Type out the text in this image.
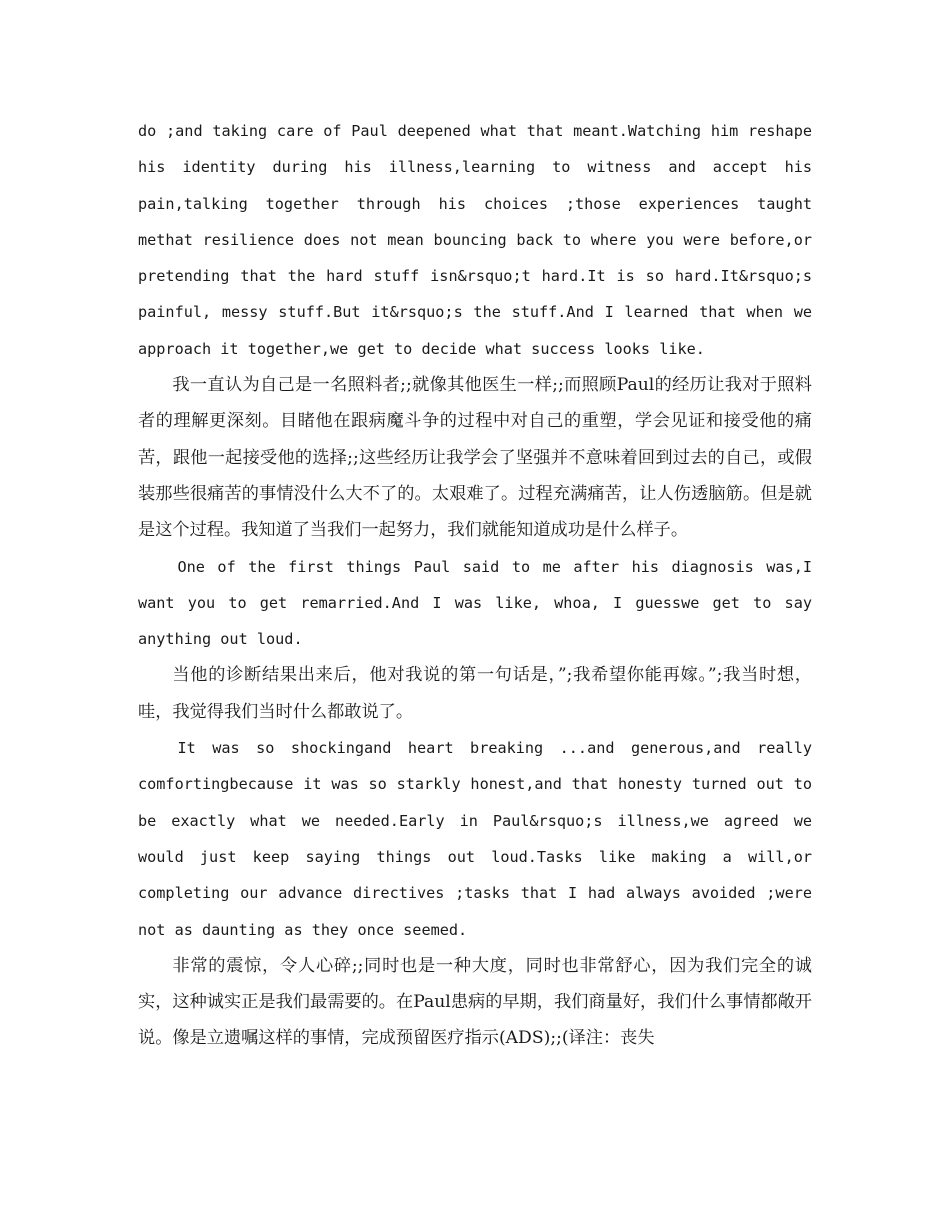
do ;and taking care of Paul deepened what that meant.Watching him reshape his identity during his illness,learning to witness and accept his pain,talking together through his choices ;those experiences taught methat resilience does not mean bouncing back to where you were before,or pretending that the hard stuff isn&rsquo;t hard.It is so hard.It&rsquo;s painful, messy stuff.But it&rsquo;s the stuff.And I learned that when we approach it together,we get to decide what success looks like.

我一直认为自己是一名照料者;;就像其他医生一样;;而照顾Paul的经历让我对于照料者的理解更深刻。目睹他在跟病魔斗争的过程中对自己的重塑，学会见证和接受他的痛苦，跟他一起接受他的选择;;这些经历让我学会了坚强并不意味着回到过去的自己，或假装那些很痛苦的事情没什么大不了的。太艰难了。过程充满痛苦，让人伤透脑筋。但是就是这个过程。我知道了当我们一起努力，我们就能知道成功是什么样子。

One of the first things Paul said to me after his diagnosis was,I want you to get remarried.And I was like, whoa, I guesswe get to say anything out loud.

当他的诊断结果出来后，他对我说的第一句话是，”;我希望你能再嫁。”;我当时想，哇，我觉得我们当时什么都敢说了。

It was so shockingand heart breaking ...and generous,and really comfortingbecause it was so starkly honest,and that honesty turned out to be exactly what we needed.Early in Paul&rsquo;s illness,we agreed we would just keep saying things out loud.Tasks like making a will,or completing our advance directives ;tasks that I had always avoided ;were not as daunting as they once seemed.

非常的震惊，令人心碎;;同时也是一种大度，同时也非常舒心，因为我们完全的诚实，这种诚实正是我们最需要的。在Paul患病的早期，我们商量好，我们什么事情都敞开说。像是立遗嘱这样的事情，完成预留医疗指示(ADS);;(译注：丧失
